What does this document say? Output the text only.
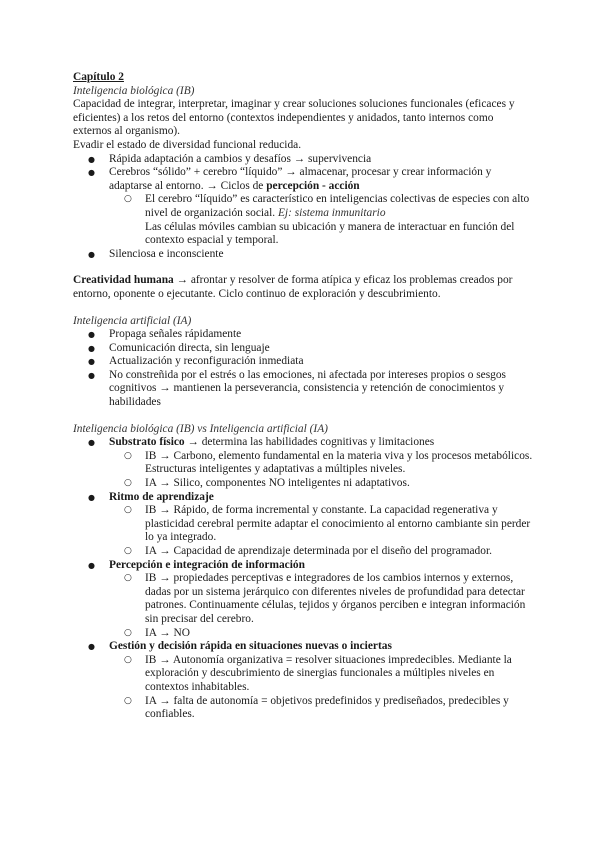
Capítulo 2

Inteligencia biológica (IB)

Capacidad de integrar, interpretar, imaginar y crear soluciones soluciones funcionales (eficaces y eficientes) a los retos del entorno (contextos independientes y anidados, tanto internos como externos al organismo).

Evadir el estado de diversidad funcional reducida.

● Rápida adaptación a cambios y desafíos → supervivencia
● Cerebros “sólido” + cerebro “líquido” → almacenar, procesar y crear información y adaptarse al entorno. → Ciclos de percepción - acción
○ El cerebro “líquido” es característico en inteligencias colectivas de especies con alto nivel de organización social. Ej: sistema inmunitario
Las células móviles cambian su ubicación y manera de interactuar en función del contexto espacial y temporal.
● Silenciosa e inconsciente

Creatividad humana → afrontar y resolver de forma atípica y eficaz los problemas creados por entorno, oponente o ejecutante. Ciclo continuo de exploración y descubrimiento.

Inteligencia artificial (IA)

● Propaga señales rápidamente
● Comunicación directa, sin lenguaje
● Actualización y reconfiguración inmediata
● No constreñida por el estrés o las emociones, ni afectada por intereses propios o sesgos cognitivos → mantienen la perseverancia, consistencia y retención de conocimientos y habilidades

Inteligencia biológica (IB) vs Inteligencia artificial (IA)

● Substrato físico → determina las habilidades cognitivas y limitaciones
○ IB → Carbono, elemento fundamental en la materia viva y los procesos metabólicos. Estructuras inteligentes y adaptativas a múltiples niveles.
○ IA → Silico, componentes NO inteligentes ni adaptativos.
● Ritmo de aprendizaje
○ IB → Rápido, de forma incremental y constante. La capacidad regenerativa y plasticidad cerebral permite adaptar el conocimiento al entorno cambiante sin perder lo ya integrado.
○ IA → Capacidad de aprendizaje determinada por el diseño del programador.
● Percepción e integración de información
○ IB → propiedades perceptivas e integradores de los cambios internos y externos, dadas por un sistema jerárquico con diferentes niveles de profundidad para detectar patrones. Continuamente células, tejidos y órganos perciben e integran información sin precisar del cerebro.
○ IA → NO
● Gestión y decisión rápida en situaciones nuevas o inciertas
○ IB → Autonomía organizativa = resolver situaciones impredecibles. Mediante la exploración y descubrimiento de sinergias funcionales a múltiples niveles en contextos inhabitables.
○ IA → falta de autonomía = objetivos predefinidos y prediseñados, predecibles y confiables.
